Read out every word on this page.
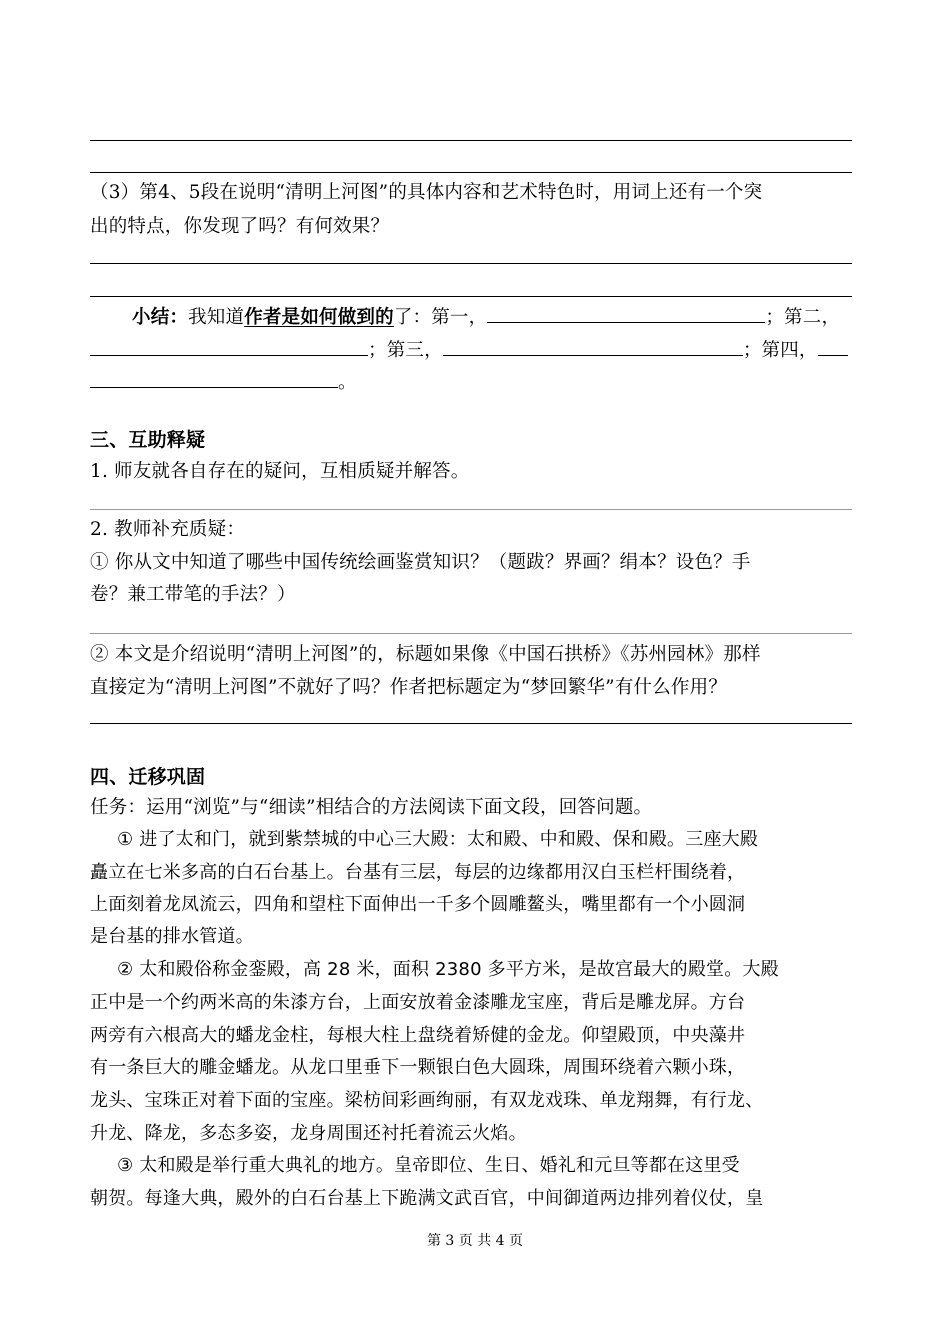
（3）第4、5段在说明“清明上河图”的具体内容和艺术特色时，用词上还有一个突
出的特点，你发现了吗？有何效果？
小结：我知道作者是如何做到的了：第一，	；第二，
；第三，	；第四，
。
三、互助释疑
1. 师友就各自存在的疑问，互相质疑并解答。
2. 教师补充质疑：
① 你从文中知道了哪些中国传统绘画鉴赏知识？（题跋？界画？绢本？设色？手
卷？兼工带笔的手法？）
② 本文是介绍说明“清明上河图”的，标题如果像《中国石拱桥》《苏州园林》那样
直接定为“清明上河图”不就好了吗？作者把标题定为“梦回繁华”有什么作用？
四、迁移巩固
任务：运用“浏览”与“细读”相结合的方法阅读下面文段，回答问题。
① 进了太和门，就到紫禁城的中心三大殿：太和殿、中和殿、保和殿。三座大殿
矗立在七米多高的白石台基上。台基有三层，每层的边缘都用汉白玉栏杆围绕着，
上面刻着龙凤流云，四角和望柱下面伸出一千多个圆雕鳌头，嘴里都有一个小圆洞
是台基的排水管道。
② 太和殿俗称金銮殿，高 28 米，面积 2380 多平方米，是故宫最大的殿堂。大殿
正中是一个约两米高的朱漆方台，上面安放着金漆雕龙宝座，背后是雕龙屏。方台
两旁有六根高大的蟠龙金柱，每根大柱上盘绕着矫健的金龙。仰望殿顶，中央藻井
有一条巨大的雕金蟠龙。从龙口里垂下一颗银白色大圆珠，周围环绕着六颗小珠，
龙头、宝珠正对着下面的宝座。梁枋间彩画绚丽，有双龙戏珠、单龙翔舞，有行龙、
升龙、降龙，多态多姿，龙身周围还衬托着流云火焰。
③ 太和殿是举行重大典礼的地方。皇帝即位、生日、婚礼和元旦等都在这里受
朝贺。每逢大典，殿外的白石台基上下跪满文武百官，中间御道两边排列着仪仗，皇
第 3 页 共 4 页
